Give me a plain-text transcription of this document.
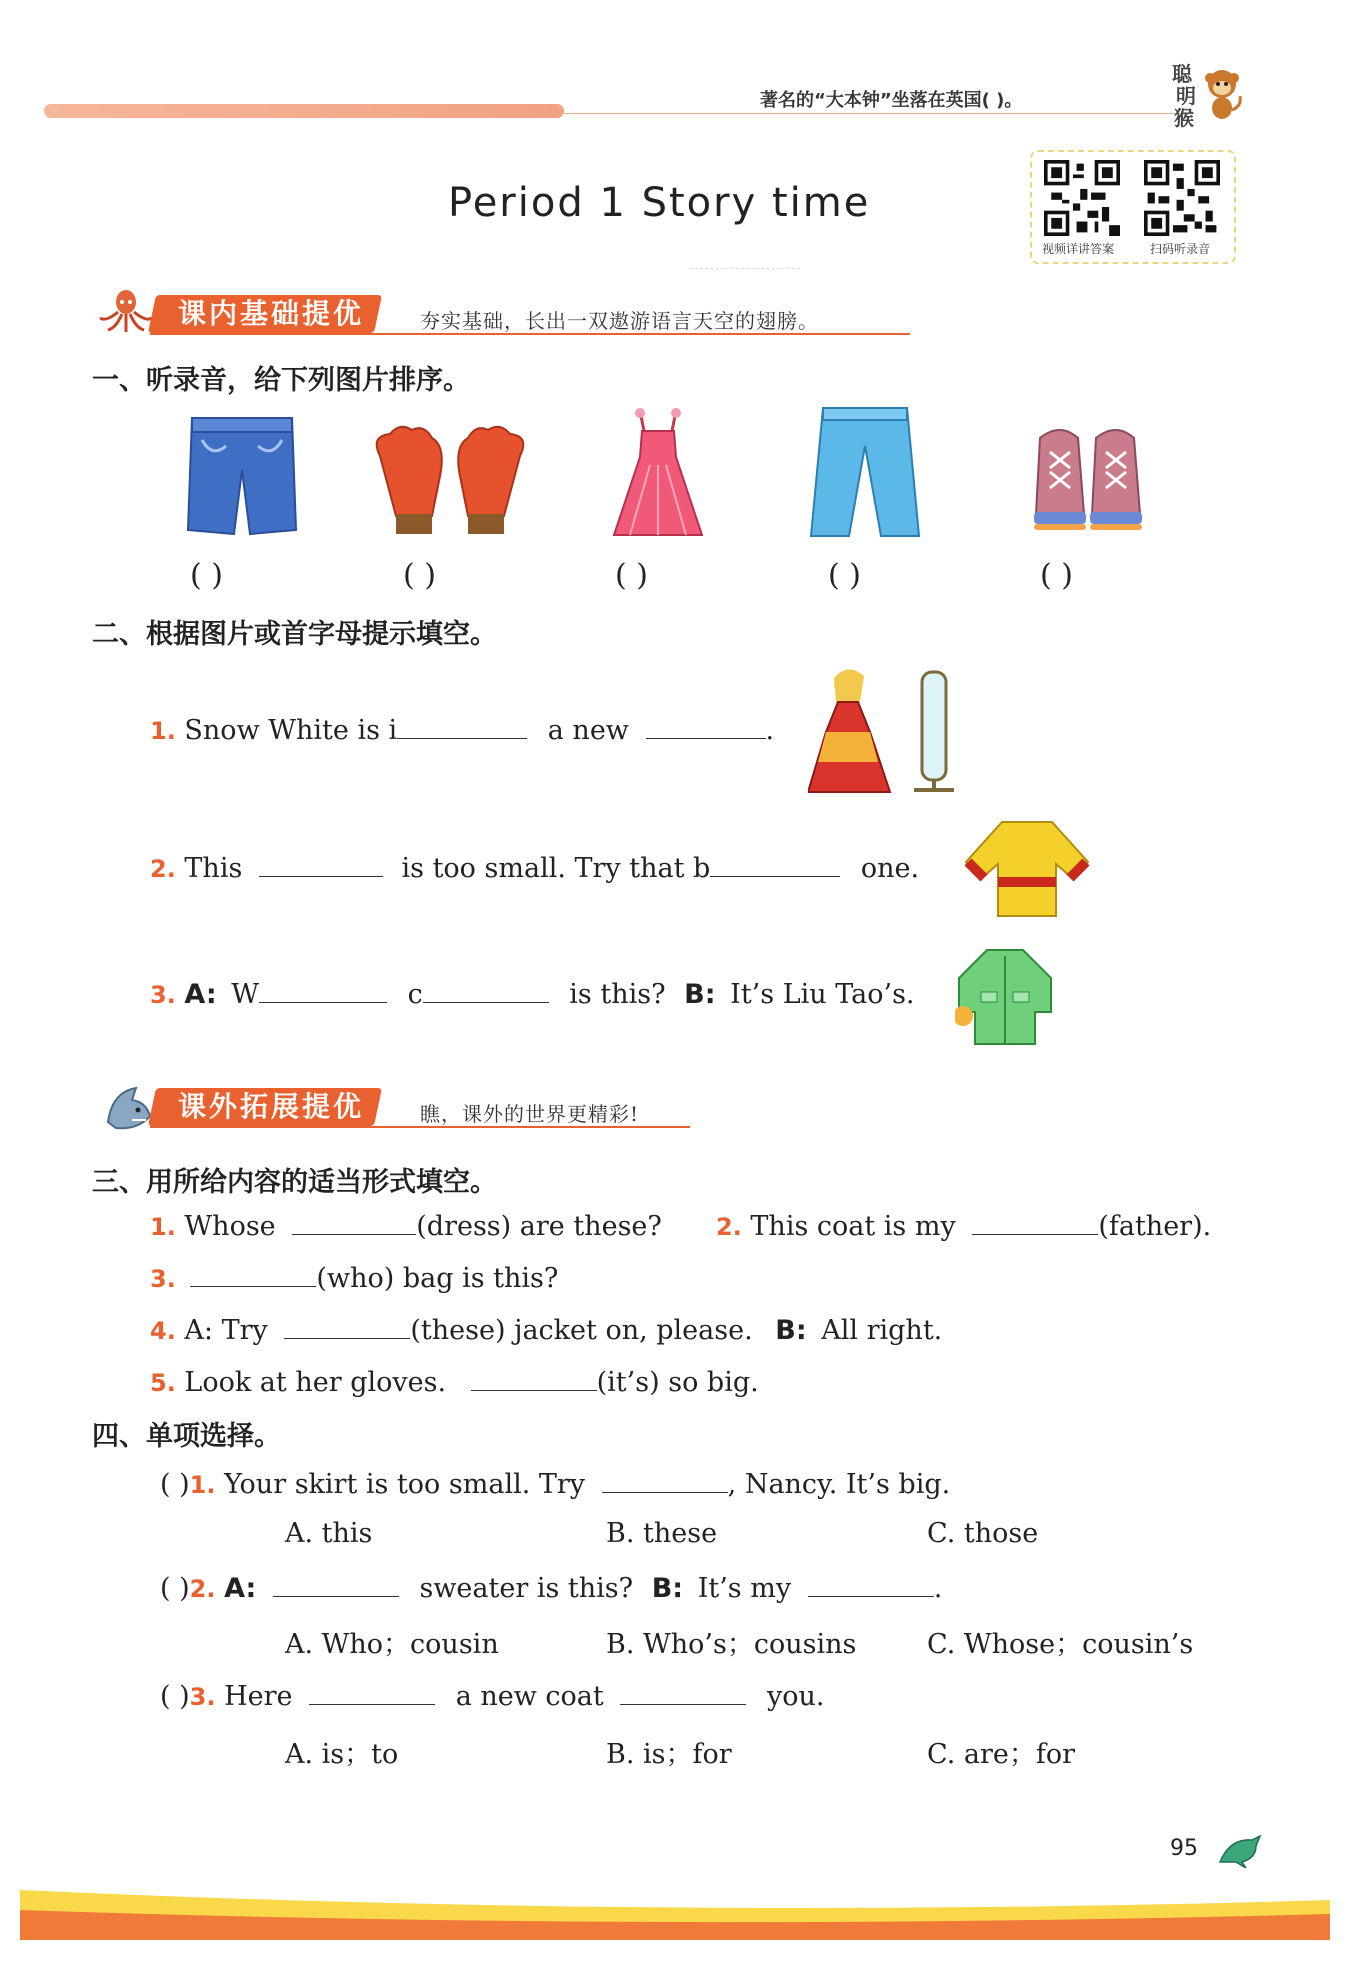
著名的“大本钟”坐落在英国( )。
聪
明
猴
Period 1 Story time
视频详讲答案	扫码听录音
课内基础提优	夯实基础，长出一双遨游语言天空的翅膀。
一、听录音，给下列图片排序。
( )	( )	( )	( )	( )
二、根据图片或首字母提示填空。
1. Snow White is i	a new	.
2. This	is too small. Try that b	one.
3. A: W	c	is this? B: It’s Liu Tao’s.
课外拓展提优	瞧，课外的世界更精彩!
三、用所给内容的适当形式填空。
1. Whose	(dress) are these? 2. This coat is my	(father).
3.	(who) bag is this?
4. A: Try	(these) jacket on, please. B: All right.
5. Look at her gloves.	(it’s) so big.
四、单项选择。
( )1. Your skirt is too small. Try	, Nancy. It’s big.
A. this	B. these	C. those
( )2. A:	sweater is this? B: It’s my	.
A. Who；cousin	B. Who’s；cousins	C. Whose；cousin’s
( )3. Here	a new coat	you.
A. is；to	B. is；for	C. are；for
95
